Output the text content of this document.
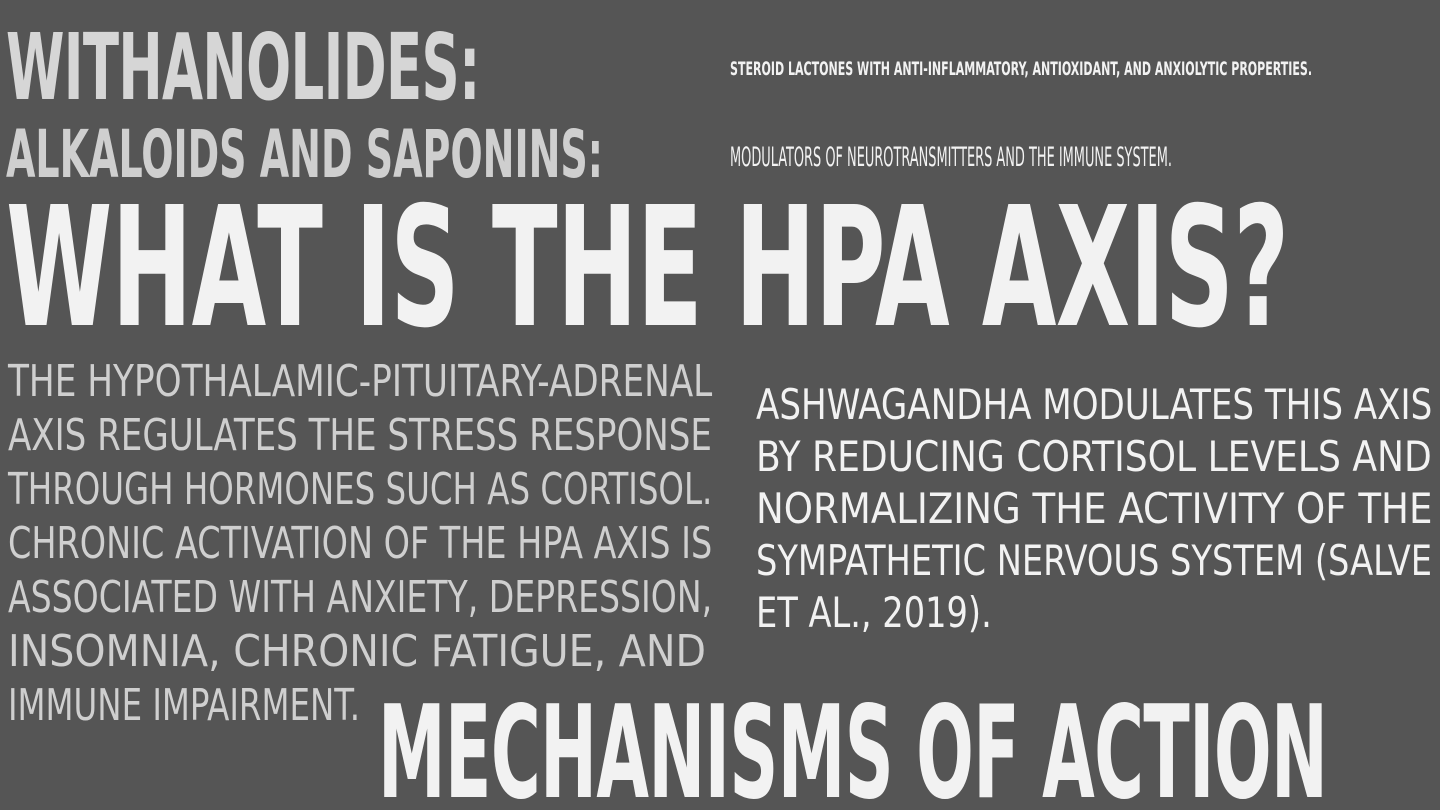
WITHANOLIDES:	STEROID LACTONES WITH ANTI-INFLAMMATORY, ANTIOXIDANT, AND ANXIOLYTIC PROPERTIES.

ALKALOIDS AND SAPONINS:	MODULATORS OF NEUROTRANSMITTERS AND THE IMMUNE SYSTEM.

WHAT IS THE HPA AXIS?
THE HYPOTHALAMIC-PITUITARY-ADRENAL
AXIS REGULATES THE STRESS RESPONSE
THROUGH HORMONES SUCH AS CORTISOL.
CHRONIC ACTIVATION OF THE HPA AXIS IS
ASSOCIATED WITH ANXIETY, DEPRESSION,
INSOMNIA, CHRONIC FATIGUE, AND
IMMUNE IMPAIRMENT.
ASHWAGANDHA MODULATES THIS AXIS
BY REDUCING CORTISOL LEVELS AND
NORMALIZING THE ACTIVITY OF THE
SYMPATHETIC NERVOUS SYSTEM (SALVE
ET AL., 2019).
MECHANISMS OF ACTION
